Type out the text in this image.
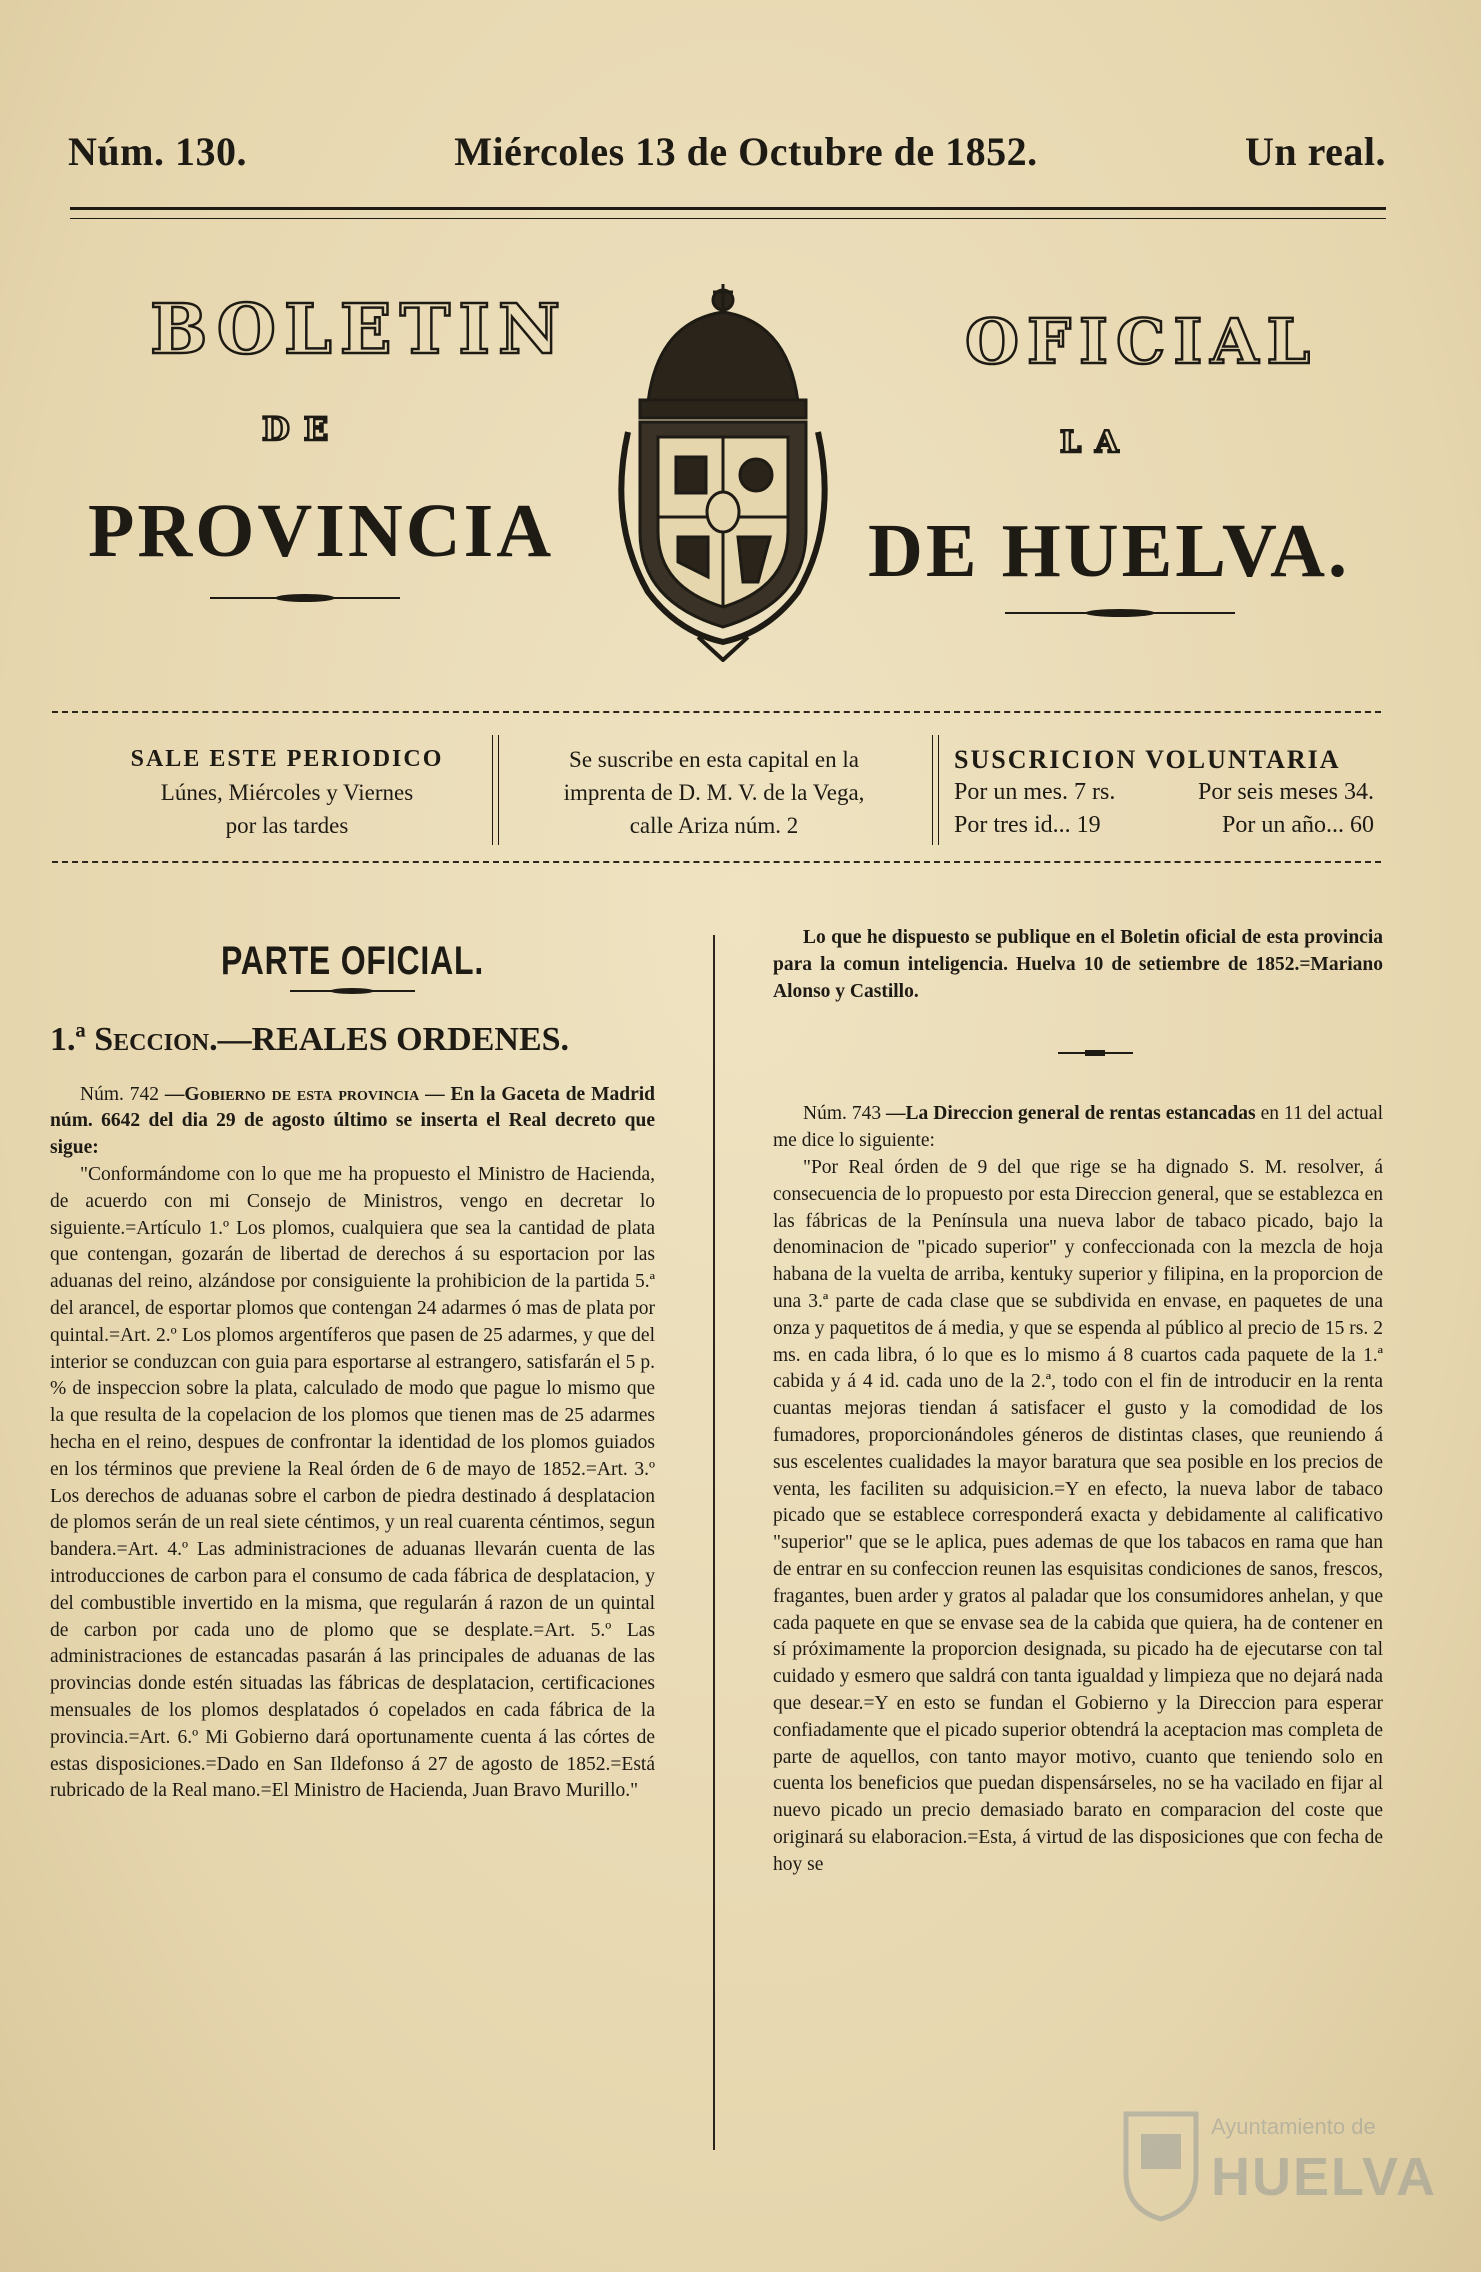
Núm. 130.	Miércoles 13 de Octubre de 1852.	Un real.
BOLETIN	OFICIAL
DE	LA
PROVINCIA	DE HUELVA.
SALE ESTE PERIODICO
Lúnes, Miércoles y Viernes
por las tardes
Se suscribe en esta capital en la
imprenta de D. M. V. de la Vega,
calle Ariza núm. 2
SUSCRICION VOLUNTARIA
Por un mes. 7 rs.	Por seis meses 34.
Por tres id... 19	Por un año... 60
PARTE OFICIAL.

1.ª Seccion.—REALES ORDENES.

Núm. 742 —Gobierno de esta provincia — En la Gaceta de Madrid núm. 6642 del dia 29 de agosto último se inserta el Real decreto que sigue:

"Conformándome con lo que me ha propuesto el Ministro de Hacienda, de acuerdo con mi Consejo de Ministros, vengo en decretar lo siguiente.=Artículo 1.º Los plomos, cualquiera que sea la cantidad de plata que contengan, gozarán de libertad de derechos á su esportacion por las aduanas del reino, alzándose por consiguiente la prohibicion de la partida 5.ª del arancel, de esportar plomos que contengan 24 adarmes ó mas de plata por quintal.=Art. 2.º Los plomos argentíferos que pasen de 25 adarmes, y que del interior se conduzcan con guia para esportarse al estrangero, satisfarán el 5 p. % de inspeccion sobre la plata, calculado de modo que pague lo mismo que la que resulta de la copelacion de los plomos que tienen mas de 25 adarmes hecha en el reino, despues de confrontar la identidad de los plomos guiados en los términos que previene la Real órden de 6 de mayo de 1852.=Art. 3.º Los derechos de aduanas sobre el carbon de piedra destinado á desplatacion de plomos serán de un real siete céntimos, y un real cuarenta céntimos, segun bandera.=Art. 4.º Las administraciones de aduanas llevarán cuenta de las introducciones de carbon para el consumo de cada fábrica de desplatacion, y del combustible invertido en la misma, que regularán á razon de un quintal de carbon por cada uno de plomo que se desplate.=Art. 5.º Las administraciones de estancadas pasarán á las principales de aduanas de las provincias donde estén situadas las fábricas de desplatacion, certificaciones mensuales de los plomos desplatados ó copelados en cada fábrica de la provincia.=Art. 6.º Mi Gobierno dará oportunamente cuenta á las córtes de estas disposiciones.=Dado en San Ildefonso á 27 de agosto de 1852.=Está rubricado de la Real mano.=El Ministro de Hacienda, Juan Bravo Murillo."

Lo que he dispuesto se publique en el Boletin oficial de esta provincia para la comun inteligencia. Huelva 10 de setiembre de 1852.=Mariano Alonso y Castillo.

Núm. 743 —La Direccion general de rentas estancadas en 11 del actual me dice lo siguiente:

"Por Real órden de 9 del que rige se ha dignado S. M. resolver, á consecuencia de lo propuesto por esta Direccion general, que se establezca en las fábricas de la Península una nueva labor de tabaco picado, bajo la denominacion de "picado superior" y confeccionada con la mezcla de hoja habana de la vuelta de arriba, kentuky superior y filipina, en la proporcion de una 3.ª parte de cada clase que se subdivida en envase, en paquetes de una onza y paquetitos de á media, y que se espenda al público al precio de 15 rs. 2 ms. en cada libra, ó lo que es lo mismo á 8 cuartos cada paquete de la 1.ª cabida y á 4 id. cada uno de la 2.ª, todo con el fin de introducir en la renta cuantas mejoras tiendan á satisfacer el gusto y la comodidad de los fumadores, proporcionándoles géneros de distintas clases, que reuniendo á sus escelentes cualidades la mayor baratura que sea posible en los precios de venta, les faciliten su adquisicion.=Y en efecto, la nueva labor de tabaco picado que se establece corresponderá exacta y debidamente al calificativo "superior" que se le aplica, pues ademas de que los tabacos en rama que han de entrar en su confeccion reunen las esquisitas condiciones de sanos, frescos, fragantes, buen arder y gratos al paladar que los consumidores anhelan, y que cada paquete en que se envase sea de la cabida que quiera, ha de contener en sí próximamente la proporcion designada, su picado ha de ejecutarse con tal cuidado y esmero que saldrá con tanta igualdad y limpieza que no dejará nada que desear.=Y en esto se fundan el Gobierno y la Direccion para esperar confiadamente que el picado superior obtendrá la aceptacion mas completa de parte de aquellos, con tanto mayor motivo, cuanto que teniendo solo en cuenta los beneficios que puedan dispensárseles, no se ha vacilado en fijar al nuevo picado un precio demasiado barato en comparacion del coste que originará su elaboracion.=Esta, á virtud de las disposiciones que con fecha de hoy se

Ayuntamiento de
HUELVA
